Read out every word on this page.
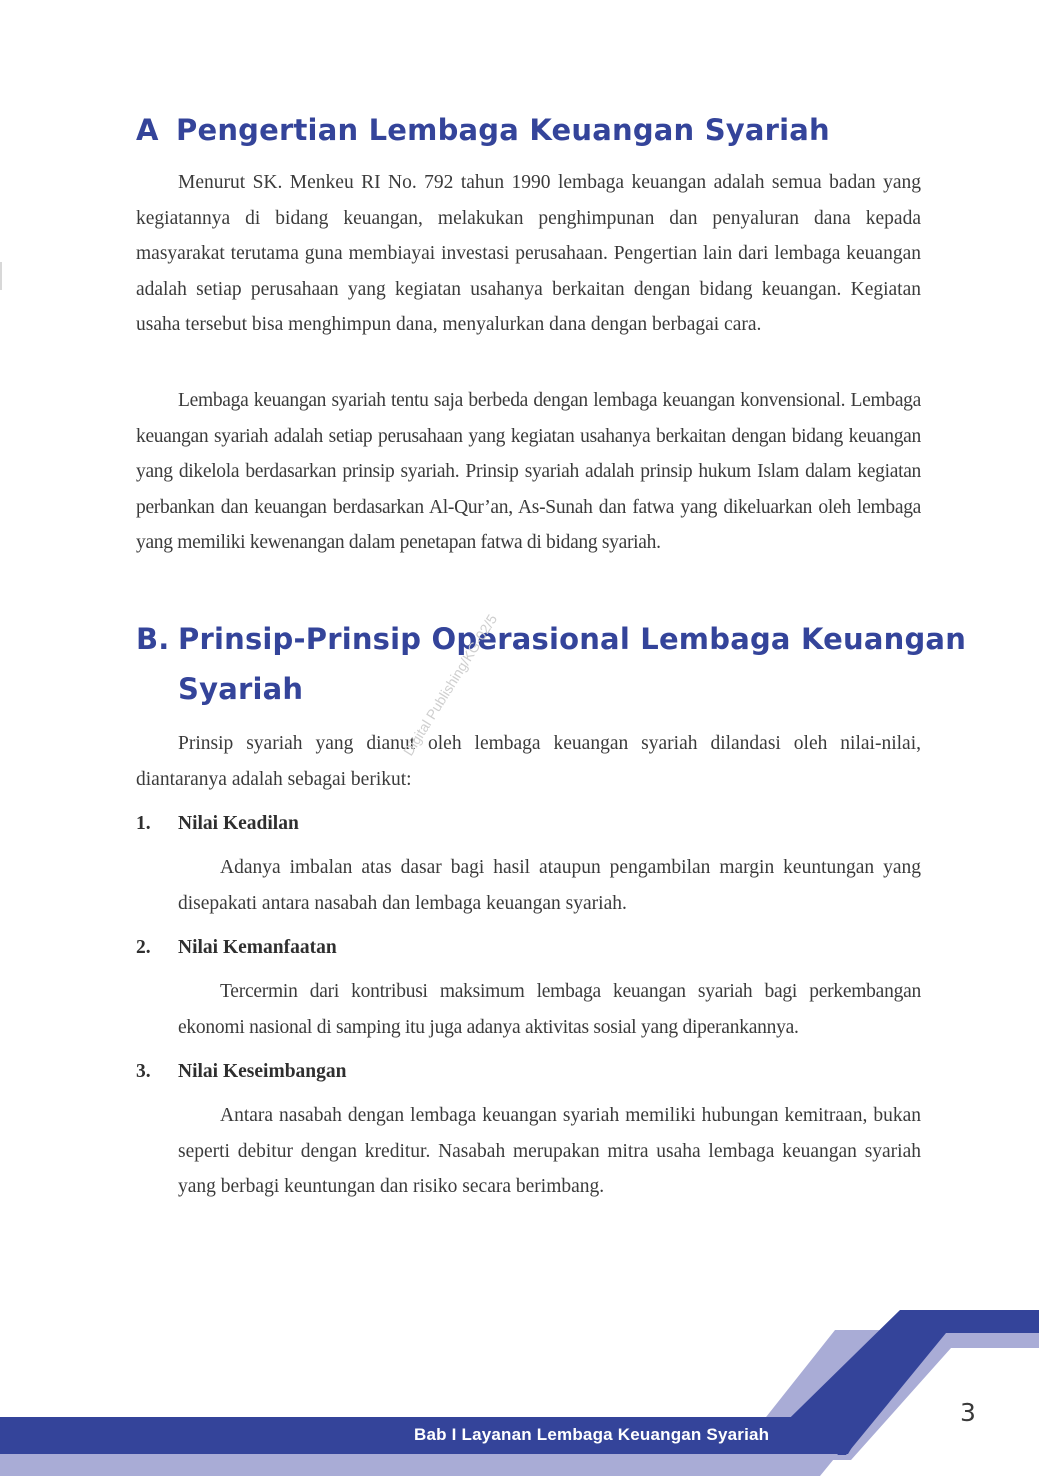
A Pengertian Lembaga Keuangan Syariah

Menurut SK. Menkeu RI No. 792 tahun 1990 lembaga keuangan adalah semua badan yang kegiatannya di bidang keuangan, melakukan penghimpunan dan penyaluran dana kepada masyarakat terutama guna membiayai investasi perusahaan. Pengertian lain dari lembaga keuangan adalah setiap perusahaan yang kegiatan usahanya berkaitan dengan bidang keuangan. Kegiatan usaha tersebut bisa menghimpun dana, menyalurkan dana dengan berbagai cara.

Lembaga keuangan syariah tentu saja berbeda dengan lembaga keuangan konvensional. Lembaga keuangan syariah adalah setiap perusahaan yang kegiatan usahanya berkaitan dengan bidang keuangan yang dikelola berdasarkan prinsip syariah. Prinsip syariah adalah prinsip hukum Islam dalam kegiatan perbankan dan keuangan berdasarkan Al-Qur’an, As-Sunah dan fatwa yang dikeluarkan oleh lembaga yang memiliki kewenangan dalam penetapan fatwa di bidang syariah.

B. Prinsip-Prinsip Operasional Lembaga Keuangan
Syariah

Prinsip syariah yang dianut oleh lembaga keuangan syariah dilandasi oleh nilai-nilai, diantaranya adalah sebagai berikut:

1. Nilai Keadilan

Adanya imbalan atas dasar bagi hasil ataupun pengambilan margin keuntungan yang disepakati antara nasabah dan lembaga keuangan syariah.

2. Nilai Kemanfaatan

Tercermin dari kontribusi maksimum lembaga keuangan syariah bagi perkembangan ekonomi nasional di samping itu juga adanya aktivitas sosial yang diperankannya.

3. Nilai Keseimbangan

Antara nasabah dengan lembaga keuangan syariah memiliki hubungan kemitraan, bukan seperti debitur dengan kreditur. Nasabah merupakan mitra usaha lembaga keuangan syariah yang berbagi keuntungan dan risiko secara berimbang.

Digital Publishing/KG-02/5
Bab I Layanan Lembaga Keuangan Syariah
3
